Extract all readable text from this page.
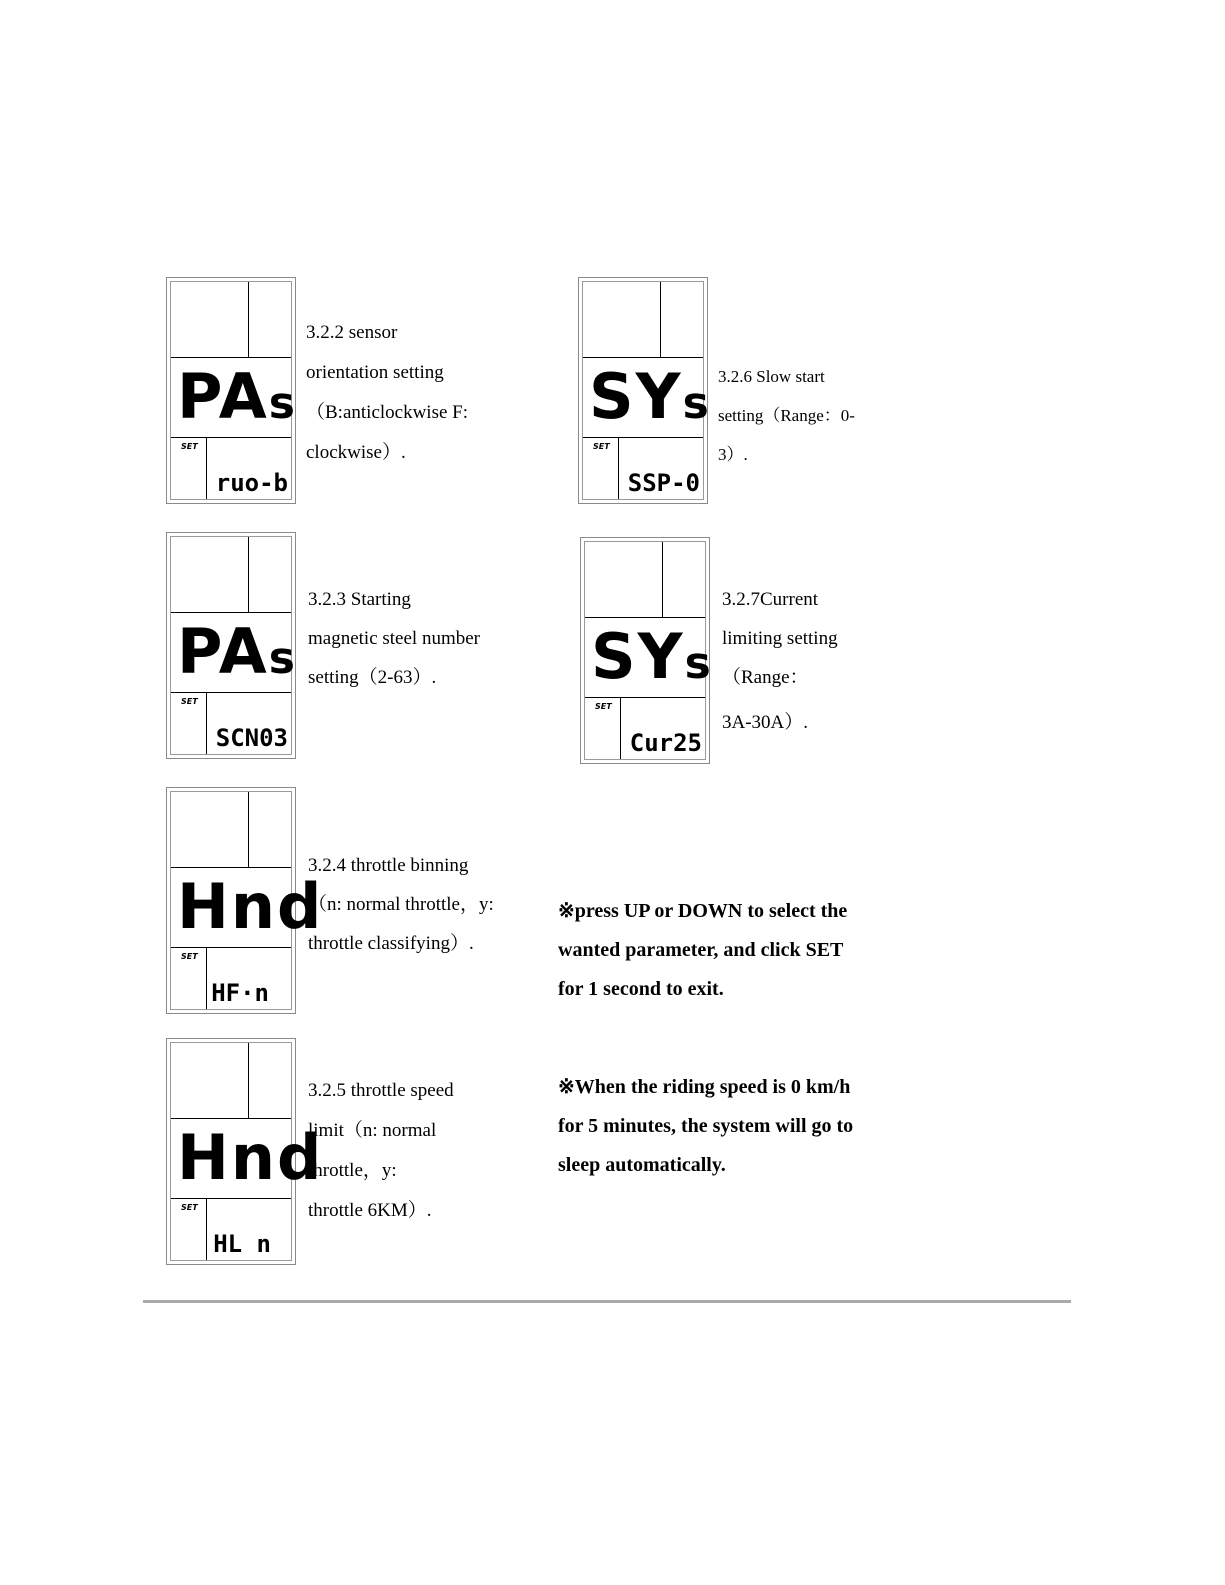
PAs
SET
ruo-b
3.2.2 sensor
orientation setting
（B:anticlockwise F:
clockwise）.
PAs
SET
SCN03
3.2.3 Starting
magnetic steel number
setting（2-63）.
Hnd
SET
HF·n
3.2.4 throttle binning
（n: normal throttle，y:
throttle classifying）.
Hnd
SET
HL n
3.2.5 throttle speed
limit（n: normal
throttle，y:
throttle 6KM）.
SYs
SET
SSP-0
3.2.6 Slow start
setting（Range：0-
3）.
SYs
SET
Cur25
3.2.7Current
limiting setting
（Range：
3A-30A）.
※press UP or DOWN to select the
wanted parameter, and click SET
for 1 second to exit.
※When the riding speed is 0 km/h
for 5 minutes, the system will go to
sleep automatically.
